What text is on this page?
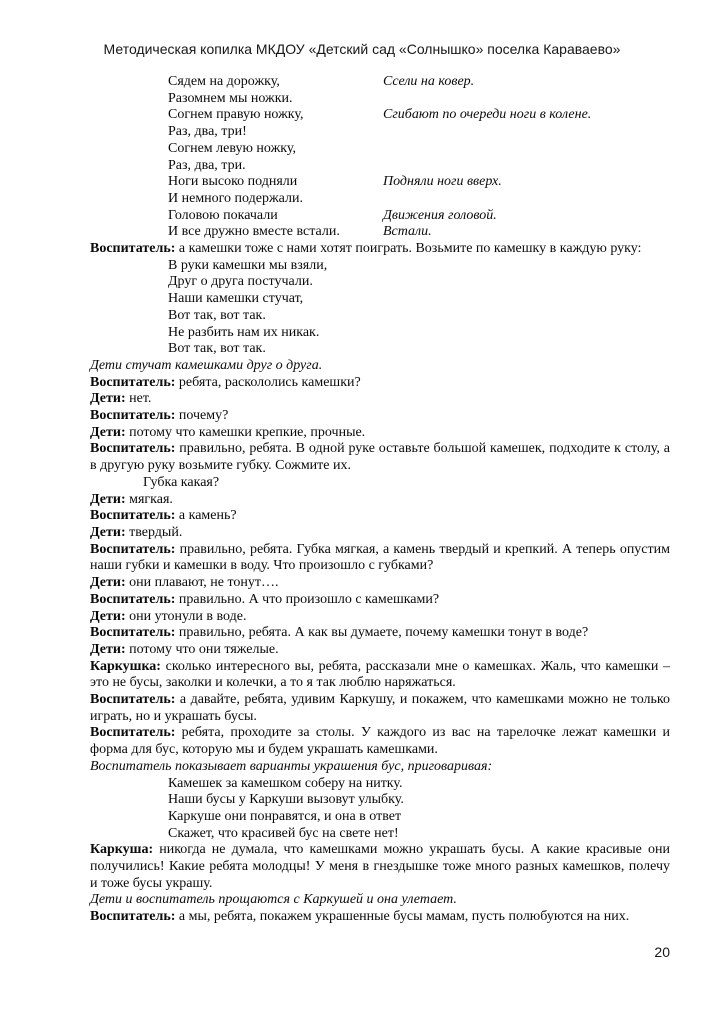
Методическая копилка МКДОУ «Детский сад «Солнышко» поселка Караваево»
Сядем на дорожку,	Ссели на ковер.
Разомнем мы ножки.
Согнем правую ножку,	Сгибают по очереди ноги в колене.
Раз, два, три!
Согнем левую ножку,
Раз, два, три.
Ноги высоко подняли	Подняли ноги вверх.
И немного подержали.
Головою покачали	Движения головой.
И все дружно вместе встали.	Встали.

Воспитатель: а камешки тоже с нами хотят поиграть. Возьмите по камешку в каждую руку:

В руки камешки мы взяли,
Друг о друга постучали.
Наши камешки стучат,
Вот так, вот так.
Не разбить нам их никак.
Вот так, вот так.

Дети стучат камешками друг о друга.

Воспитатель: ребята, раскололись камешки?

Дети: нет.

Воспитатель: почему?

Дети: потому что камешки крепкие, прочные.

Воспитатель: правильно, ребята. В одной руке оставьте большой камешек, подходите к столу, а в другую руку возьмите губку. Сожмите их.

Губка какая?

Дети: мягкая.

Воспитатель: а камень?

Дети: твердый.

Воспитатель: правильно, ребята. Губка мягкая, а камень твердый и крепкий. А теперь опустим наши губки и камешки в воду. Что произошло с губками?

Дети: они плавают, не тонут….

Воспитатель: правильно. А что произошло с камешками?

Дети: они утонули в воде.

Воспитатель: правильно, ребята. А как вы думаете, почему камешки тонут в воде?

Дети: потому что они тяжелые.

Каркушка: сколько интересного вы, ребята, рассказали мне о камешках. Жаль, что камешки – это не бусы, заколки и колечки, а то я так люблю наряжаться.

Воспитатель: а давайте, ребята, удивим Каркушу, и покажем, что камешками можно не только играть, но и украшать бусы.

Воспитатель: ребята, проходите за столы. У каждого из вас на тарелочке лежат камешки и форма для бус, которую мы и будем украшать камешками.

Воспитатель показывает варианты украшения бус, приговаривая:

Камешек за камешком соберу на нитку.
Наши бусы у Каркуши вызовут улыбку.
Каркуше они понравятся, и она в ответ
Скажет, что красивей бус на свете нет!

Каркуша: никогда не думала, что камешками можно украшать бусы. А какие красивые они получились! Какие ребята молодцы! У меня в гнездышке тоже много разных камешков, полечу и тоже бусы украшу.

Дети и воспитатель прощаются с Каркушей и она улетает.

Воспитатель: а мы, ребята, покажем украшенные бусы мамам, пусть полюбуются на них.

20
